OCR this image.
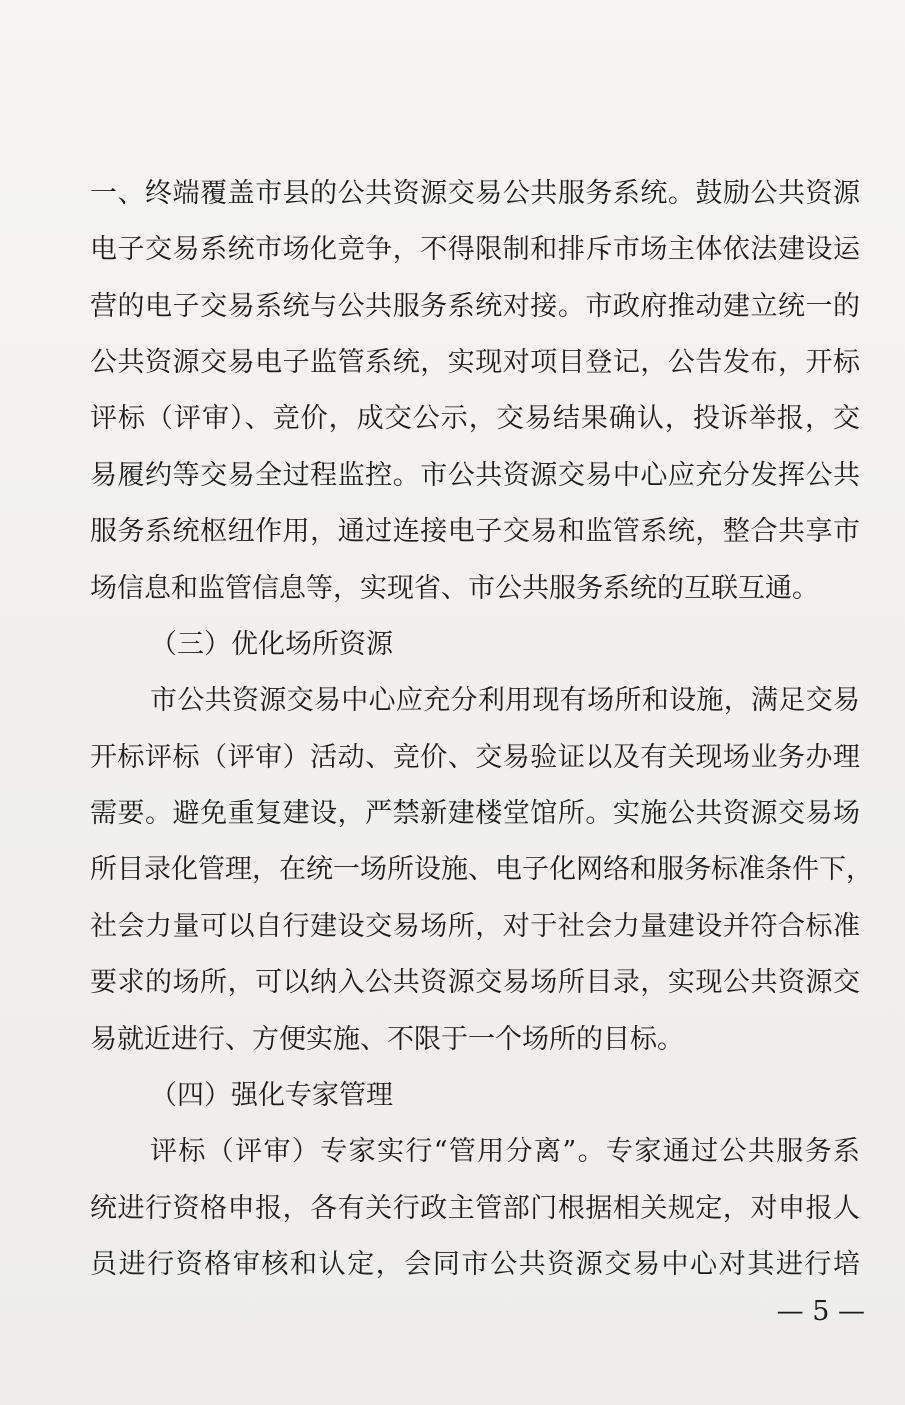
一、终端覆盖市县的公共资源交易公共服务系统。鼓励公共资源
电子交易系统市场化竞争，不得限制和排斥市场主体依法建设运
营的电子交易系统与公共服务系统对接。市政府推动建立统一的
公共资源交易电子监管系统，实现对项目登记，公告发布，开标
评标（评审）、竞价，成交公示，交易结果确认，投诉举报，交
易履约等交易全过程监控。市公共资源交易中心应充分发挥公共
服务系统枢纽作用，通过连接电子交易和监管系统，整合共享市
场信息和监管信息等，实现省、市公共服务系统的互联互通。
（三）优化场所资源
市公共资源交易中心应充分利用现有场所和设施，满足交易
开标评标（评审）活动、竞价、交易验证以及有关现场业务办理
需要。避免重复建设，严禁新建楼堂馆所。实施公共资源交易场
所目录化管理，在统一场所设施、电子化网络和服务标准条件下，
社会力量可以自行建设交易场所，对于社会力量建设并符合标准
要求的场所，可以纳入公共资源交易场所目录，实现公共资源交
易就近进行、方便实施、不限于一个场所的目标。
（四）强化专家管理
评标（评审）专家实行“管用分离”。专家通过公共服务系
统进行资格申报，各有关行政主管部门根据相关规定，对申报人
员进行资格审核和认定，会同市公共资源交易中心对其进行培
— 5 —
